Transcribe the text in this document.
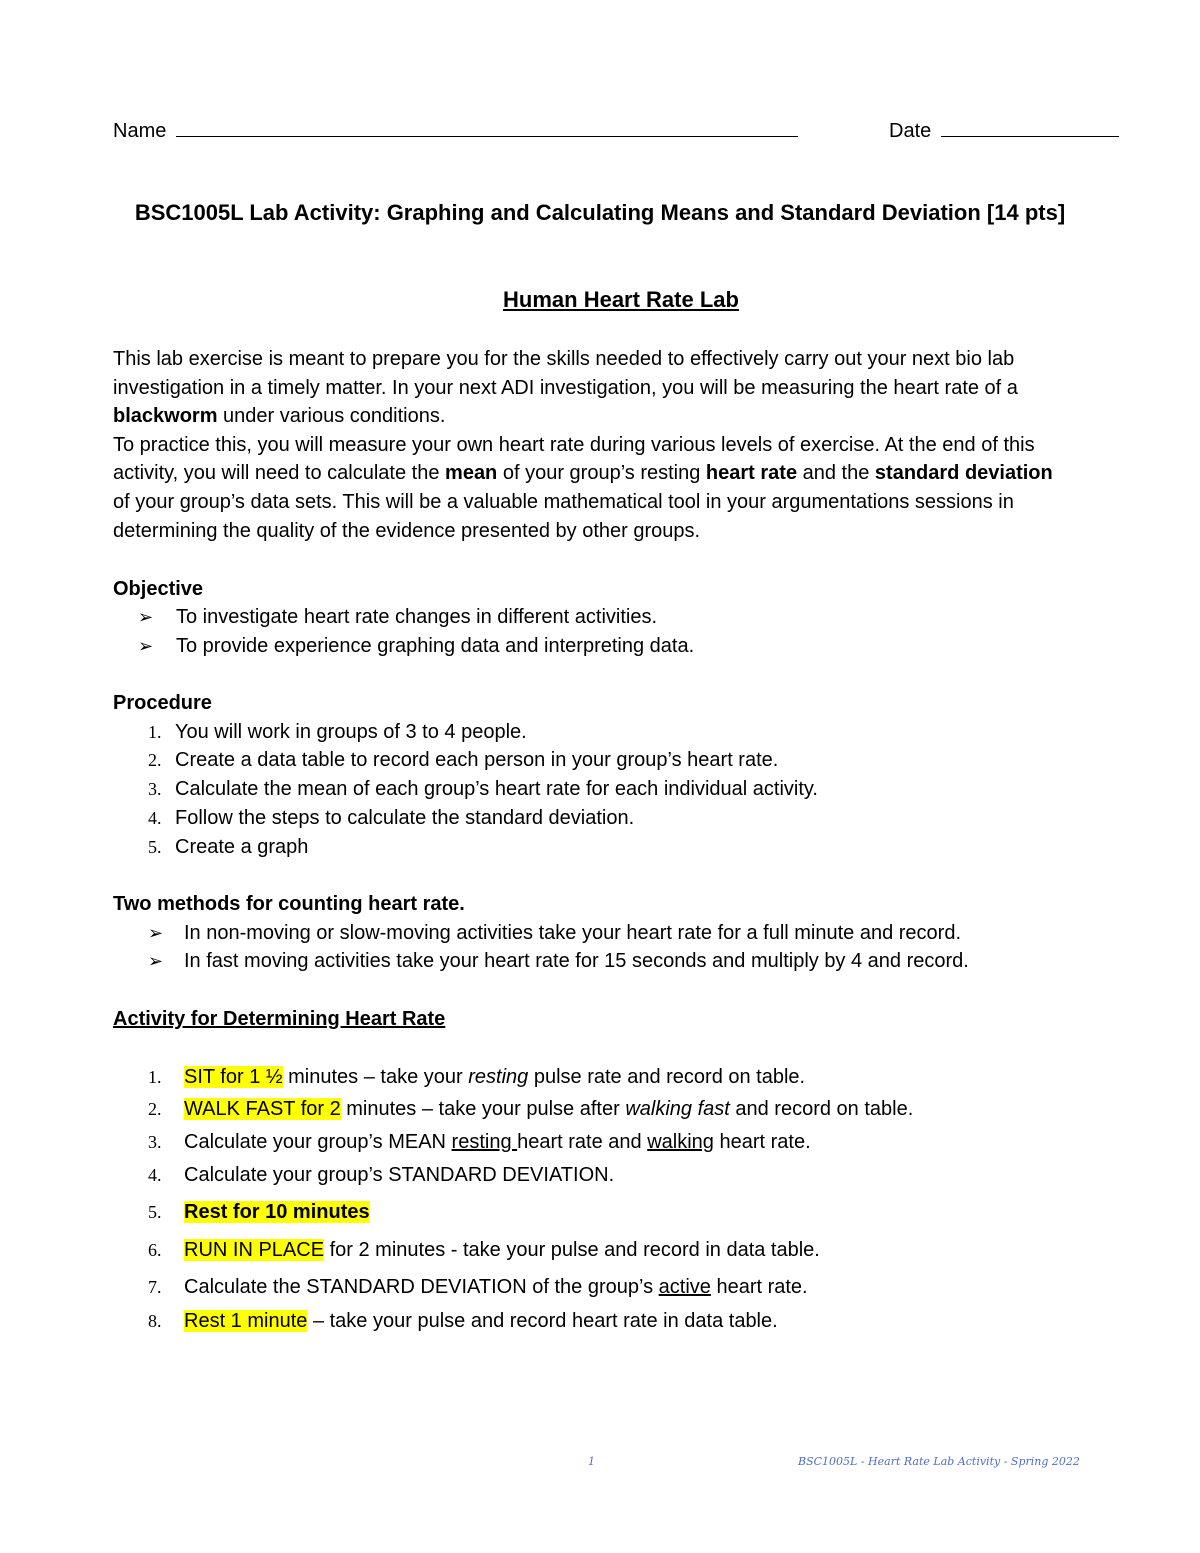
Name	Date
BSC1005L Lab Activity: Graphing and Calculating Means and Standard Deviation [14 pts]
Human Heart Rate Lab
This lab exercise is meant to prepare you for the skills needed to effectively carry out your next bio lab
investigation in a timely matter. In your next ADI investigation, you will be measuring the heart rate of a
blackworm under various conditions.
To practice this, you will measure your own heart rate during various levels of exercise. At the end of this
activity, you will need to calculate the mean of your group’s resting heart rate and the standard deviation
of your group’s data sets. This will be a valuable mathematical tool in your argumentations sessions in
determining the quality of the evidence presented by other groups.
Objective
➢ To investigate heart rate changes in different activities.
➢ To provide experience graphing data and interpreting data.
Procedure
1. You will work in groups of 3 to 4 people.
2. Create a data table to record each person in your group’s heart rate.
3. Calculate the mean of each group’s heart rate for each individual activity.
4. Follow the steps to calculate the standard deviation.
5. Create a graph
Two methods for counting heart rate.
➢ In non-moving or slow-moving activities take your heart rate for a full minute and record.
➢ In fast moving activities take your heart rate for 15 seconds and multiply by 4 and record.
Activity for Determining Heart Rate
1. SIT for 1 ½ minutes – take your resting pulse rate and record on table.
2. WALK FAST for 2 minutes – take your pulse after walking fast and record on table.
3. Calculate your group’s MEAN resting heart rate and walking heart rate.
4. Calculate your group’s STANDARD DEVIATION.
5. Rest for 10 minutes
6. RUN IN PLACE for 2 minutes - take your pulse and record in data table.
7. Calculate the STANDARD DEVIATION of the group’s active heart rate.
8. Rest 1 minute – take your pulse and record heart rate in data table.
1	BSC1005L - Heart Rate Lab Activity - Spring 2022
